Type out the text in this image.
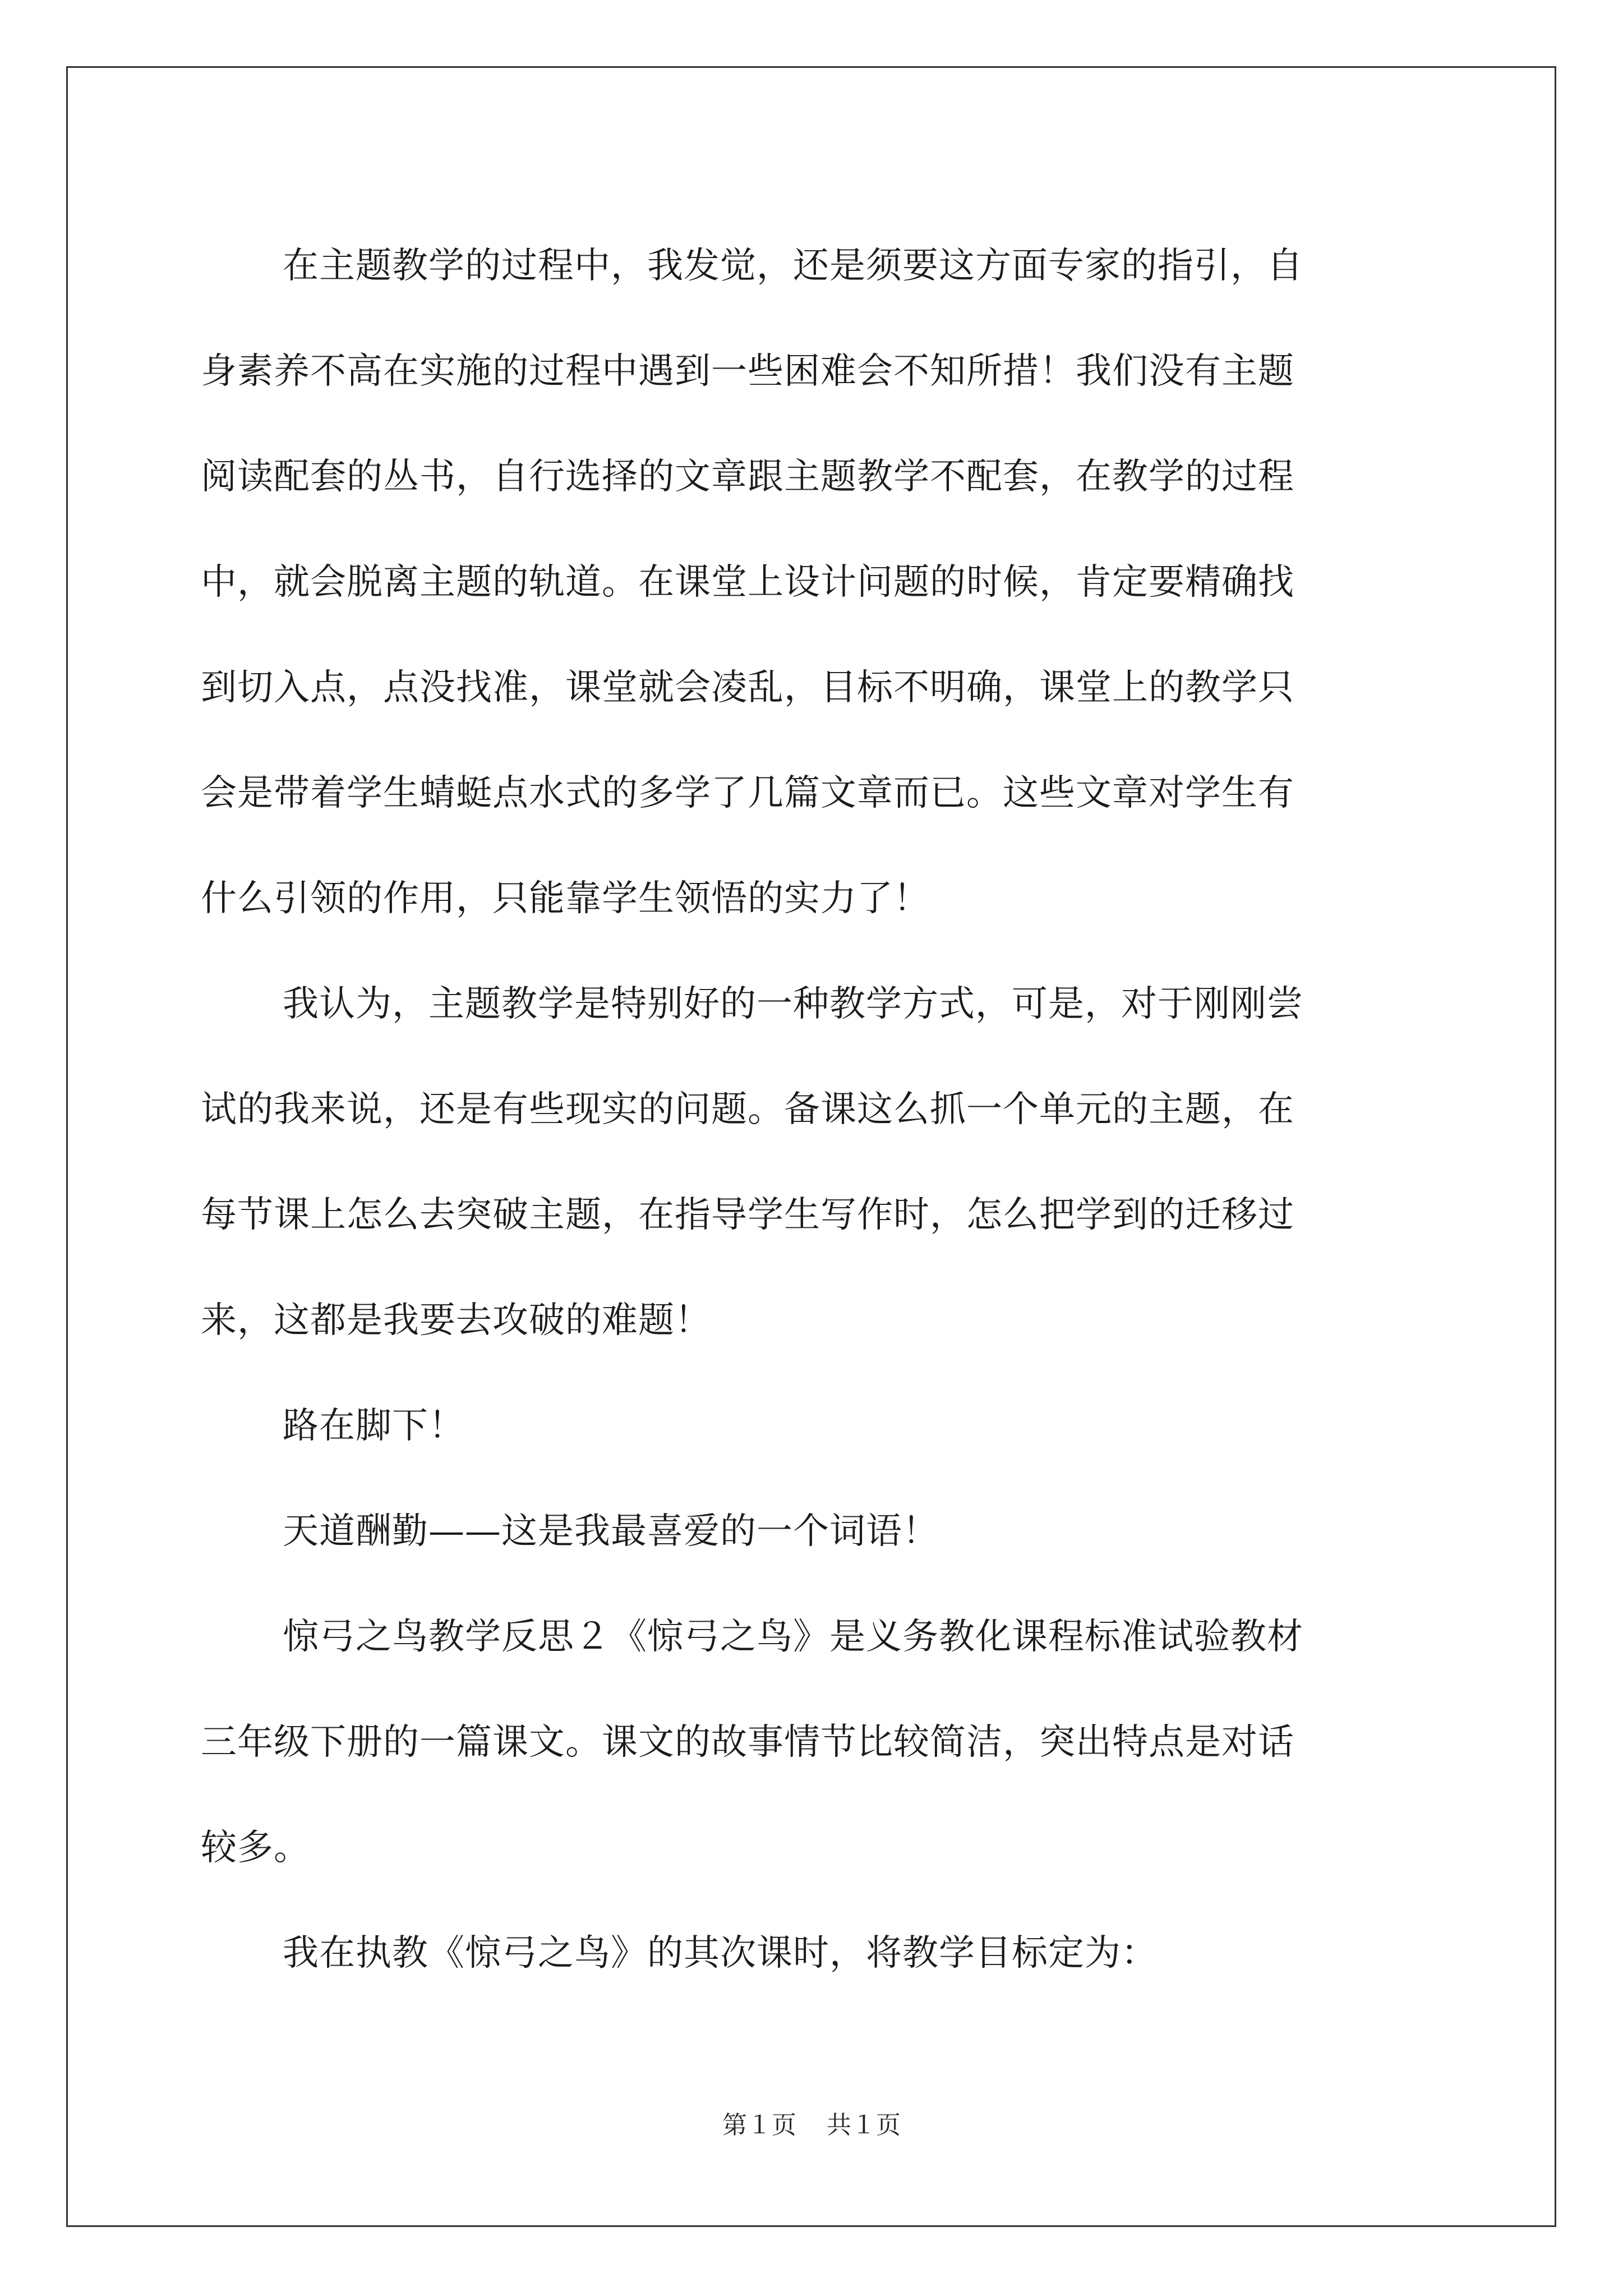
在主题教学的过程中，我发觉，还是须要这方面专家的指引，自
身素养不高在实施的过程中遇到一些困难会不知所措！我们没有主题
阅读配套的丛书，自行选择的文章跟主题教学不配套，在教学的过程
中，就会脱离主题的轨道。在课堂上设计问题的时候，肯定要精确找
到切入点，点没找准，课堂就会凌乱，目标不明确，课堂上的教学只
会是带着学生蜻蜓点水式的多学了几篇文章而已。这些文章对学生有
什么引领的作用，只能靠学生领悟的实力了！
我认为，主题教学是特别好的一种教学方式，可是，对于刚刚尝
试的我来说，还是有些现实的问题。备课这么抓一个单元的主题，在
每节课上怎么去突破主题，在指导学生写作时，怎么把学到的迁移过
来，这都是我要去攻破的难题！
路在脚下！
天道酬勤——这是我最喜爱的一个词语！
惊弓之鸟教学反思２《惊弓之鸟》是义务教化课程标准试验教材
三年级下册的一篇课文。课文的故事情节比较简洁，突出特点是对话
较多。
我在执教《惊弓之鸟》的其次课时，将教学目标定为：
第１页 共１页
